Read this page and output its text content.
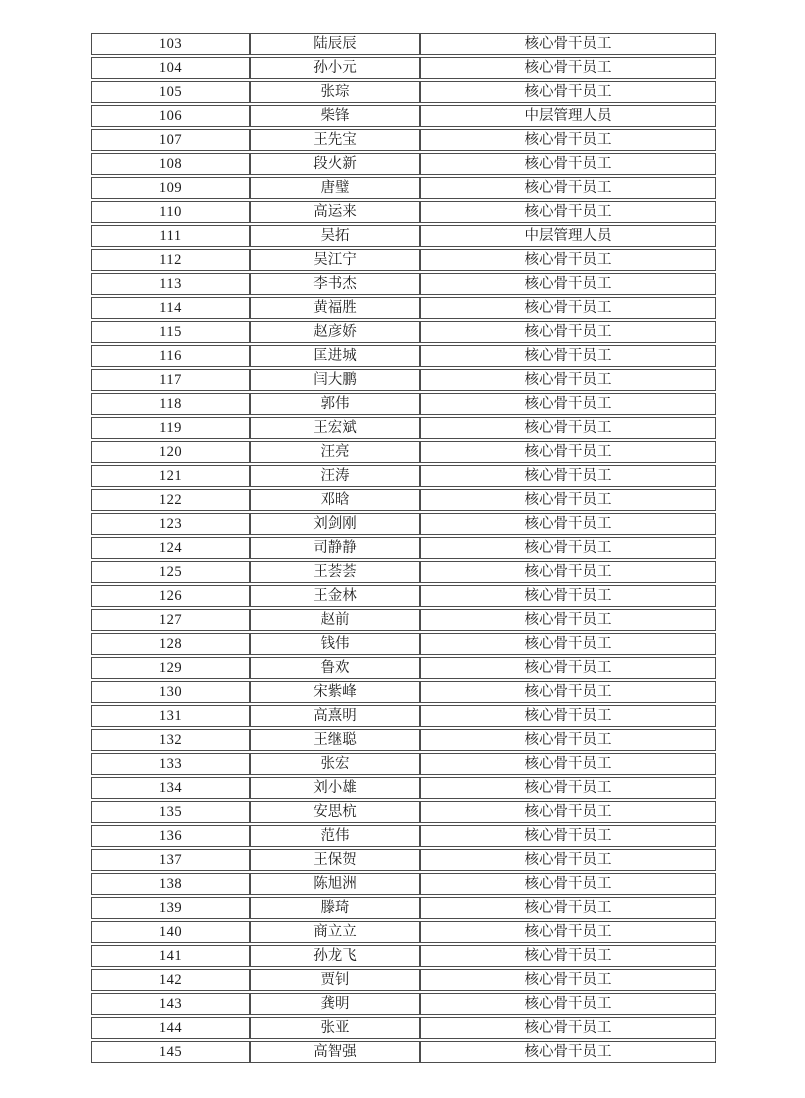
103	陆辰辰	核心骨干员工
104	孙小元	核心骨干员工
105	张琮	核心骨干员工
106	柴锋	中层管理人员
107	王先宝	核心骨干员工
108	段火新	核心骨干员工
109	唐璧	核心骨干员工
110	高运来	核心骨干员工
111	吴拓	中层管理人员
112	吴江宁	核心骨干员工
113	李书杰	核心骨干员工
114	黄福胜	核心骨干员工
115	赵彦娇	核心骨干员工
116	匡进城	核心骨干员工
117	闫大鹏	核心骨干员工
118	郭伟	核心骨干员工
119	王宏斌	核心骨干员工
120	汪亮	核心骨干员工
121	汪涛	核心骨干员工
122	邓晗	核心骨干员工
123	刘剑刚	核心骨干员工
124	司静静	核心骨干员工
125	王荟荟	核心骨干员工
126	王金林	核心骨干员工
127	赵前	核心骨干员工
128	钱伟	核心骨干员工
129	鲁欢	核心骨干员工
130	宋紫峰	核心骨干员工
131	高熹明	核心骨干员工
132	王继聪	核心骨干员工
133	张宏	核心骨干员工
134	刘小雄	核心骨干员工
135	安思杭	核心骨干员工
136	范伟	核心骨干员工
137	王保贺	核心骨干员工
138	陈旭洲	核心骨干员工
139	滕琦	核心骨干员工
140	商立立	核心骨干员工
141	孙龙飞	核心骨干员工
142	贾钊	核心骨干员工
143	龚明	核心骨干员工
144	张亚	核心骨干员工
145	高智强	核心骨干员工
